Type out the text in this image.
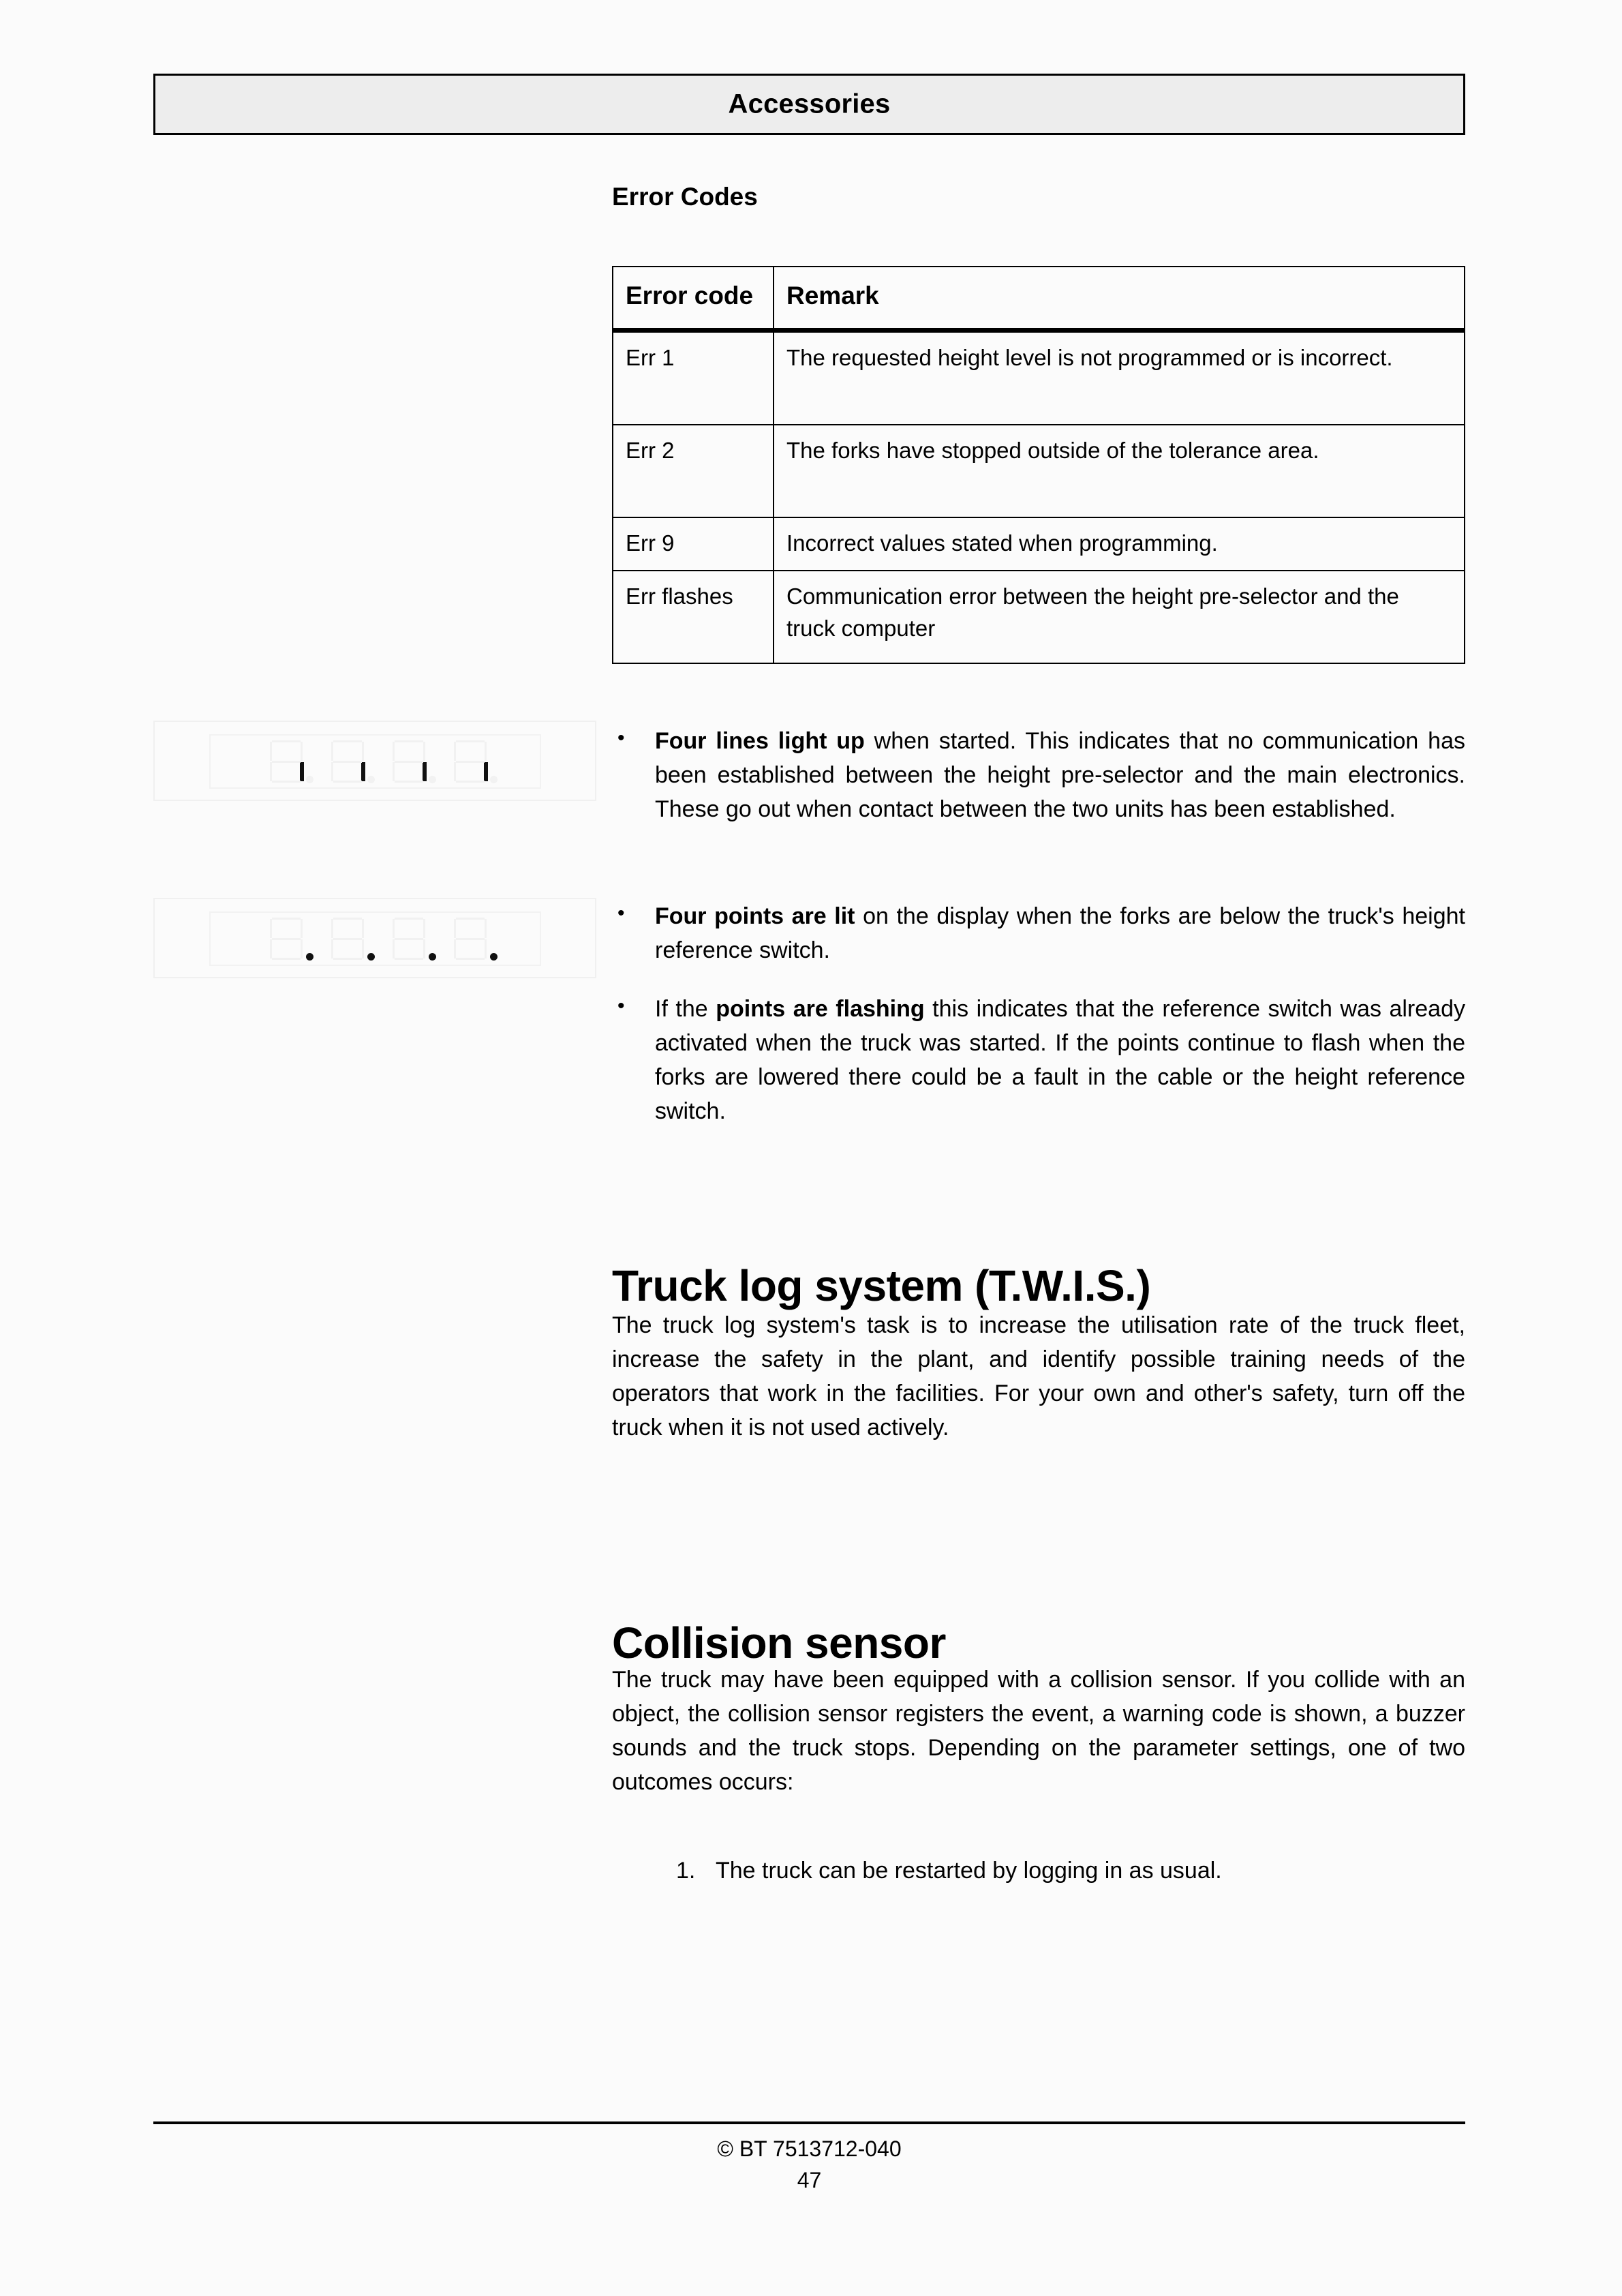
Accessories
Error Codes
Error code	Remark
Err 1	The requested height level is not programmed or is incorrect.
Err 2	The forks have stopped outside of the tolerance area.
Err 9	Incorrect values stated when programming.
Err flashes	Communication error between the height pre-selector and the truck computer
• Four lines light up when started. This indicates that no communication has been established between the height pre-selector and the main electronics. These go out when contact between the two units has been established.
• Four points are lit on the display when the forks are below the truck's height reference switch.
• If the points are flashing this indicates that the reference switch was already activated when the truck was started. If the points continue to flash when the forks are lowered there could be a fault in the cable or the height reference switch.
Truck log system (T.W.I.S.)
The truck log system's task is to increase the utilisation rate of the truck fleet, increase the safety in the plant, and identify possible training needs of the operators that work in the facilities. For your own and other's safety, turn off the truck when it is not used actively.
Collision sensor
The truck may have been equipped with a collision sensor. If you collide with an object, the collision sensor registers the event, a warning code is shown, a buzzer sounds and the truck stops. Depending on the parameter settings, one of two outcomes occurs:
1. The truck can be restarted by logging in as usual.
© BT 7513712-040
47
